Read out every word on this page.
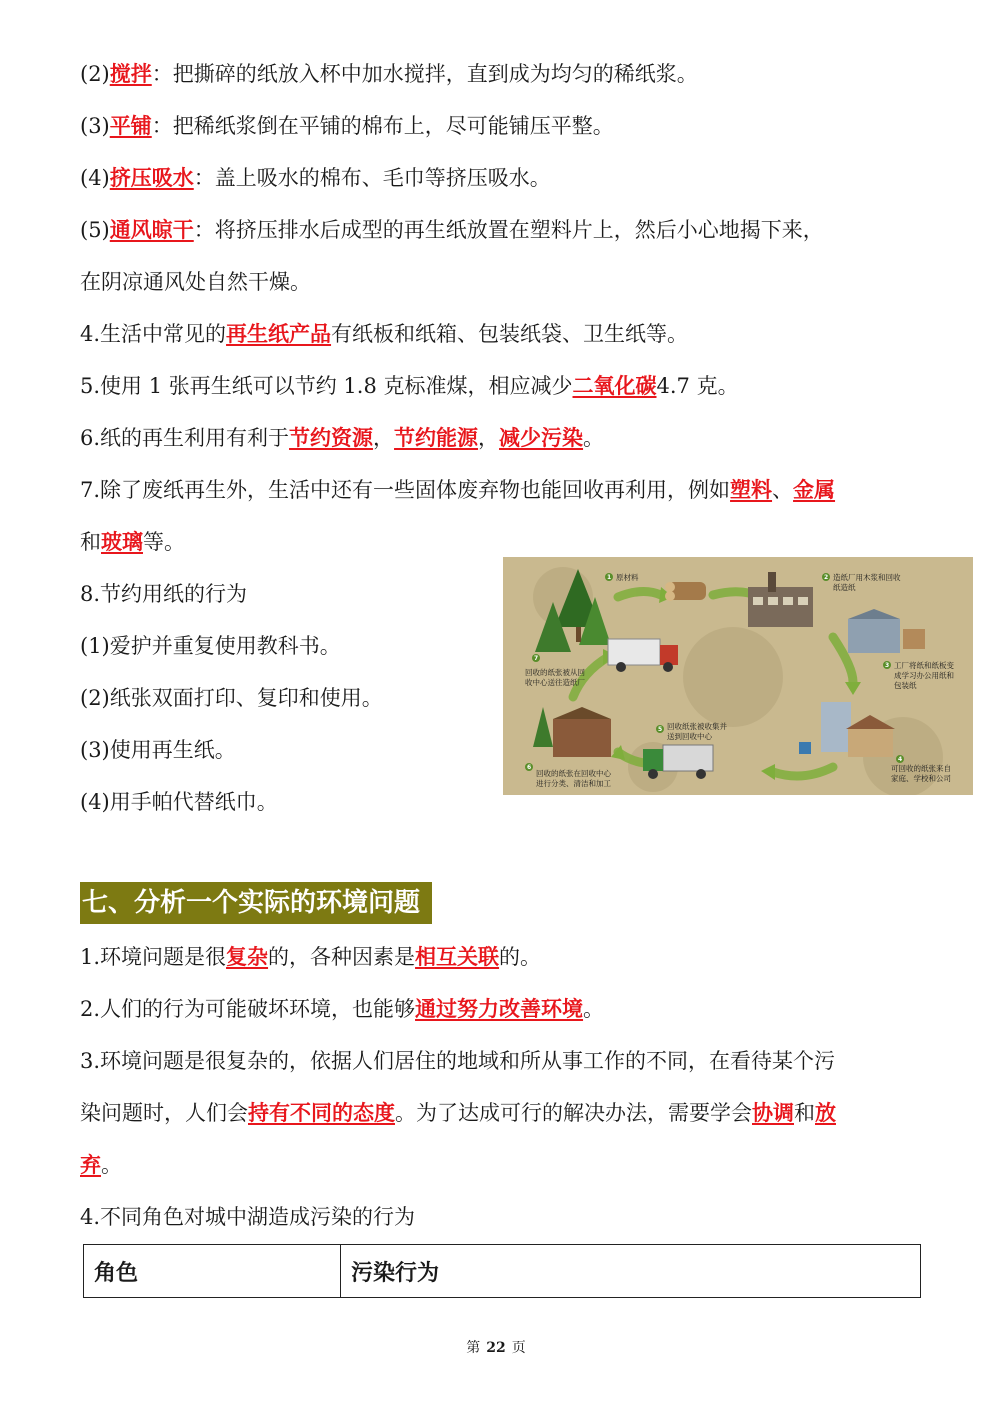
(2)搅拌：把撕碎的纸放入杯中加水搅拌，直到成为均匀的稀纸浆。
(3)平铺：把稀纸浆倒在平铺的棉布上，尽可能铺压平整。
(4)挤压吸水：盖上吸水的棉布、毛巾等挤压吸水。
(5)通风晾干：将挤压排水后成型的再生纸放置在塑料片上，然后小心地揭下来，
在阴凉通风处自然干燥。
4.生活中常见的再生纸产品有纸板和纸箱、包装纸袋、卫生纸等。
5.使用 1 张再生纸可以节约 1.8 克标准煤，相应减少二氧化碳4.7 克。
6.纸的再生利用有利于节约资源，节约能源，减少污染。
7.除了废纸再生外，生活中还有一些固体废弃物也能回收再利用，例如塑料、金属
和玻璃等。
8.节约用纸的行为
(1)爱护并重复使用教科书。
(2)纸张双面打印、复印和使用。
(3)使用再生纸。
(4)用手帕代替纸巾。
1 原材料	2 造纸厂用木浆和回收
纸造纸
3 工厂将纸和纸板变
成学习办公用纸和
包装纸
4
可回收的纸张来自
家庭、学校和公司
5 回收纸张被收集并
送到回收中心
6
回收的纸张在回收中心
进行分类、清洁和加工
7
回收的纸张被从回
收中心送往造纸厂
七、分析一个实际的环境问题
1.环境问题是很复杂的，各种因素是相互关联的。
2.人们的行为可能破坏环境，也能够通过努力改善环境。
3.环境问题是很复杂的，依据人们居住的地域和所从事工作的不同，在看待某个污
染问题时，人们会持有不同的态度。为了达成可行的解决办法，需要学会协调和放
弃。
4.不同角色对城中湖造成污染的行为
角色	污染行为
第 22 页
